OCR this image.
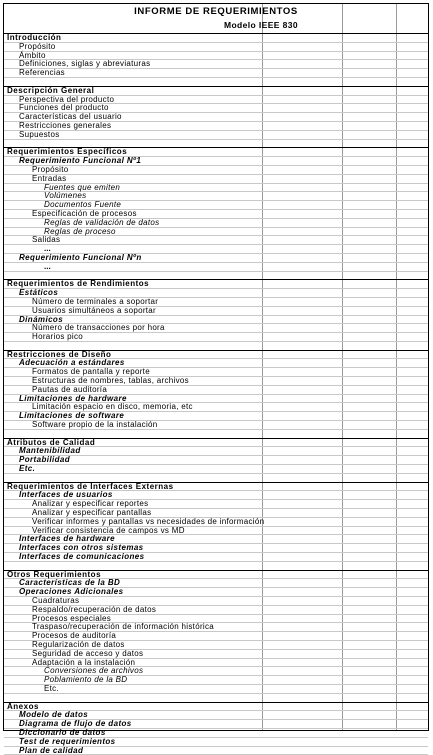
INFORME DE REQUERIMIENTOS
Modelo IEEE 830
Introducción
Propósito
Ámbito
Definiciones, siglas y abreviaturas
Referencias
Descripción General
Perspectiva del producto
Funciones del producto
Características del usuario
Restricciones generales
Supuestos
Requerimientos Específicos
Requerimiento Funcional Nº1
Propósito
Entradas
Fuentes que emiten
Volúmenes
Documentos Fuente
Especificación de procesos
Reglas de validación de datos
Reglas de proceso
Salidas
...
Requerimiento Funcional Nºn
...
Requerimientos de Rendimientos
Estáticos
Número de terminales a soportar
Usuarios simultáneos a soportar
Dinámicos
Número de transacciones por hora
Horarios pico
Restricciones de Diseño
Adecuación a estándares
Formatos de pantalla y reporte
Estructuras de nombres, tablas, archivos
Pautas de auditoría
Limitaciones de hardware
Limitación espacio en disco, memoria, etc
Limitaciones de software
Software propio de la instalación
Atributos de Calidad
Mantenibilidad
Portabilidad
Etc.
Requerimientos de Interfaces Externas
Interfaces de usuarios
Analizar y especificar reportes
Analizar y especificar pantallas
Verificar informes y pantallas vs necesidades de información
Verificar consistencia de campos vs MD
Interfaces de hardware
Interfaces con otros sistemas
Interfaces de comunicaciones
Otros Requerimientos
Características de la BD
Operaciones Adicionales
Cuadraturas
Respaldo/recuperación de datos
Procesos especiales
Traspaso/recuperación de información histórica
Procesos de auditoría
Regularización de datos
Seguridad de acceso y datos
Adaptación a la instalación
Conversiones de archivos
Poblamiento de la BD
Etc.
Anexos
Modelo de datos
Diagrama de flujo de datos
Diccionario de datos
Test de requerimientos
Plan de calidad
